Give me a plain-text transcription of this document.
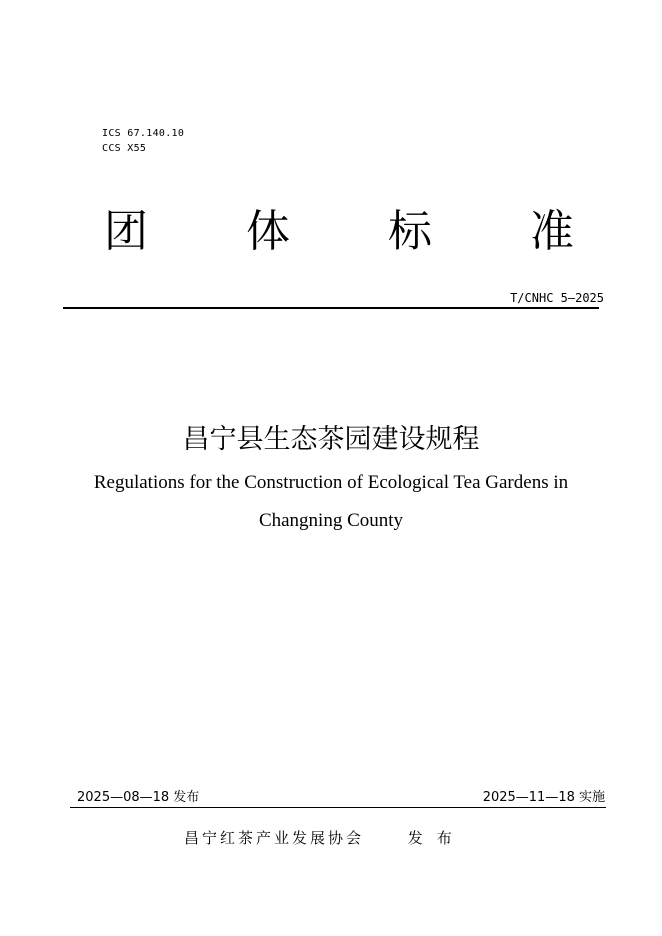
ICS 67.140.10
CCS X55
团 体 标 准
T/CNHC 5—2025
昌宁县生态茶园建设规程
Regulations for the Construction of Ecological Tea Gardens in
Changning County
2025—08—18 发布	2025—11—18 实施
昌宁红茶产业发展协会	发布
